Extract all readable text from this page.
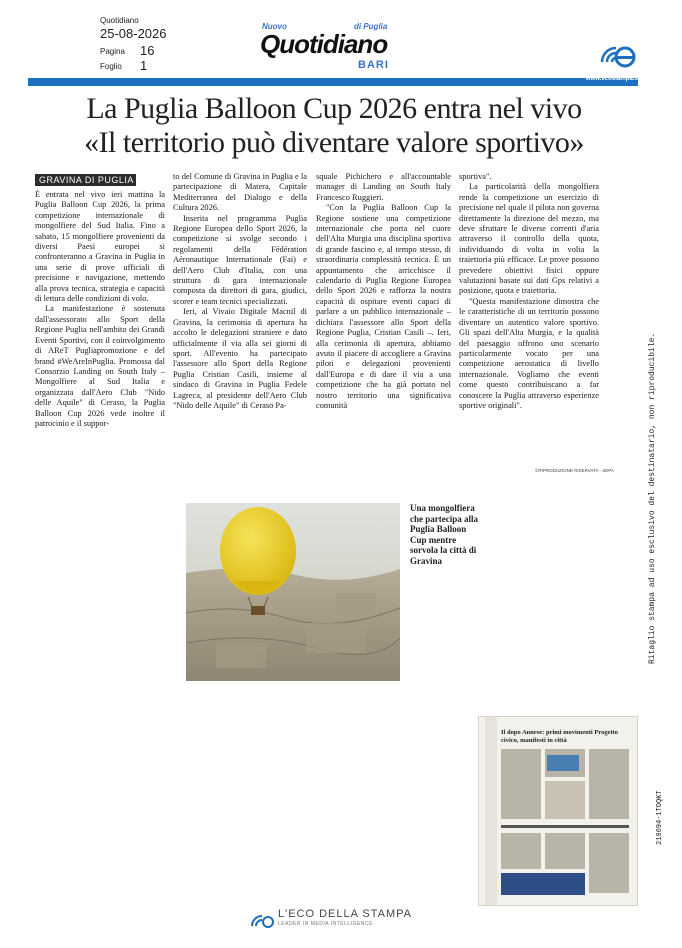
Quotidiano
25-08-2026
Pagina 16
Foglio 1
Nuovo	di Puglia
Quotidiano
BARI
www.ecostampa.it
La Puglia Balloon Cup 2026 entra nel vivo
«Il territorio può diventare valore sportivo»
GRAVINA DI PUGLIA

È entrata nel vivo ieri mattina la Puglia Balloon Cup 2026, la prima competizione internazionale di mongolfiere del Sud Italia. Fino a sabato, 15 mongolfiere provenienti da diversi Paesi europei si confronteranno a Gravina in Puglia in una serie di prove ufficiali di precisione e navigazione, mettendo alla prova tecnica, strategia e capacità di lettura delle condizioni di volo.

La manifestazione è sostenuta dall'assessorato allo Sport della Regione Puglia nell'ambito dei Grandi Eventi Sportivi, con il coinvolgimento di AReT Pugliapromozione e del brand #WeAreInPuglia. Promossa dal Consorzio Landing on South Italy – Mongolfiere al Sud Italia e organizzata dall'Aero Club "Nido delle Aquile" di Ceraso, la Puglia Balloon Cup 2026 vede inoltre il patrocinio e il suppor-

to del Comune di Gravina in Puglia e la partecipazione di Matera, Capitale Mediterranea del Dialogo e della Cultura 2026.

Inserita nel programma Puglia Regione Europea dello Sport 2026, la competizione si svolge secondo i regolamenti della Fédération Aéronautique Internationale (Fai) e dell'Aero Club d'Italia, con una struttura di gara internazionale composta da direttori di gara, giudici, scorer e team tecnici specializzati.

Ieri, al Vivaio Digitale Macnil di Gravina, la cerimonia di apertura ha accolto le delegazioni straniere e dato ufficialmente il via alla sei giorni di sport. All'evento ha partecipato l'assessore allo Sport della Regione Puglia Cristian Casili, insieme al sindaco di Gravina in Puglia Fedele Lagreca, al presidente dell'Aero Club "Nido delle Aquile" di Ceraso Pa-

squale Pichichero e all'accountable manager di Landing on South Italy Francesco Ruggieri.

"Con la Puglia Balloon Cup la Regione sostiene una competizione internazionale che porta nel cuore dell'Alta Murgia una disciplina sportiva di grande fascino e, al tempo stesso, di straordinaria complessità tecnica. È un appuntamento che arricchisce il calendario di Puglia Regione Europea dello Sport 2026 e rafforza la nostra capacità di ospitare eventi capaci di parlare a un pubblico internazionale – dichiara l'assessore allo Sport della Regione Puglia, Cristian Casili –. Ieri, alla cerimonia di apertura, abbiamo avuto il piacere di accogliere a Gravina piloti e delegazioni provenienti dall'Europa e di dare il via a una competizione che ha già portato nel nostro territorio una significativa comunità

sportiva".

La particolarità della mongolfiera rende la competizione un esercizio di precisione nel quale il pilota non governa direttamente la direzione del mezzo, ma deve sfruttare le diverse correnti d'aria attraverso il controllo della quota, individuando di volta in volta la traiettoria più efficace. Le prove possono prevedere obiettivi fisici oppure valutazioni basate sui dati Gps relativi a posizione, quota e traiettoria.

"Questa manifestazione dimostra che le caratteristiche di un territorio possono diventare un autentico valore sportivo. Gli spazi dell'Alta Murgia, e la qualità del paesaggio offrono uno scenario particolarmente vocato per una competizione aerostatica di livello internazionale. Vogliamo che eventi come questo contribuiscano a far conoscere la Puglia attraverso esperienze sportive originali".

©RIPRODUZIONE RISERVATA - SEPA
Una mongolfiera che partecipa alla Puglia Balloon Cup mentre sorvola la città di Gravina	Ritaglio stampa ad uso esclusivo del destinatario, non riproducibile.
210694-1TOQKT
Il dopo Annese: primi movimenti Progetto civico, manifesti in città
L'ECO DELLA STAMPA
LEADER IN MEDIA INTELLIGENCE
